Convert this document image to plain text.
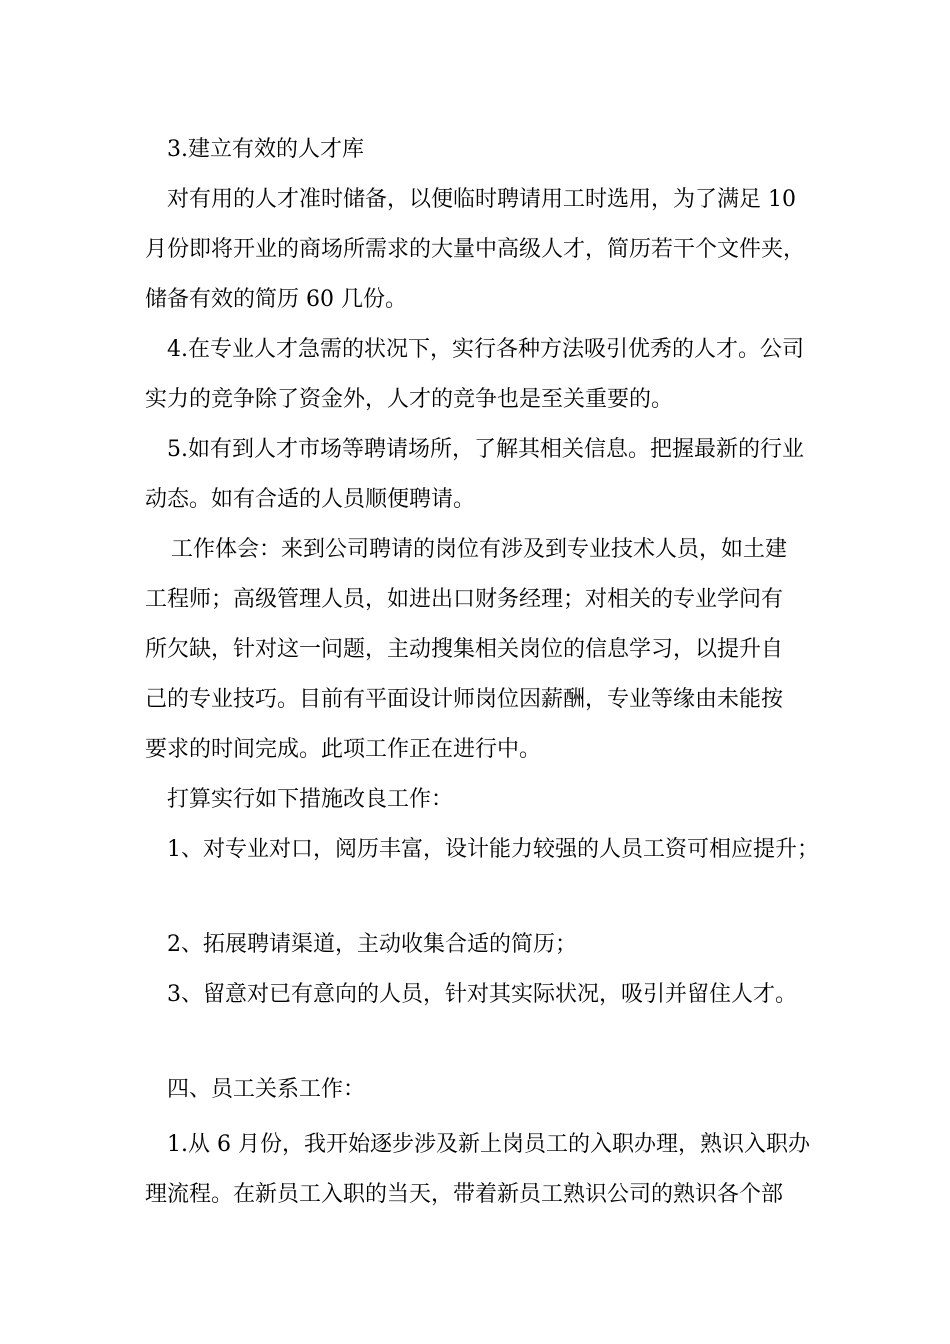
3.建立有效的人才库
对有用的人才准时储备，以便临时聘请用工时选用，为了满足 10
月份即将开业的商场所需求的大量中高级人才，简历若干个文件夹，
储备有效的简历 60 几份。
4.在专业人才急需的状况下，实行各种方法吸引优秀的人才。公司
实力的竞争除了资金外，人才的竞争也是至关重要的。
5.如有到人才市场等聘请场所，了解其相关信息。把握最新的行业
动态。如有合适的人员顺便聘请。
工作体会：来到公司聘请的岗位有涉及到专业技术人员，如土建
工程师；高级管理人员，如进出口财务经理；对相关的专业学问有
所欠缺，针对这一问题，主动搜集相关岗位的信息学习，以提升自
己的专业技巧。目前有平面设计师岗位因薪酬，专业等缘由未能按
要求的时间完成。此项工作正在进行中。
打算实行如下措施改良工作：
1、对专业对口，阅历丰富，设计能力较强的人员工资可相应提升；
2、拓展聘请渠道，主动收集合适的简历；
3、留意对已有意向的人员，针对其实际状况，吸引并留住人才。
四、员工关系工作：
1.从 6 月份，我开始逐步涉及新上岗员工的入职办理，熟识入职办
理流程。在新员工入职的当天，带着新员工熟识公司的熟识各个部
